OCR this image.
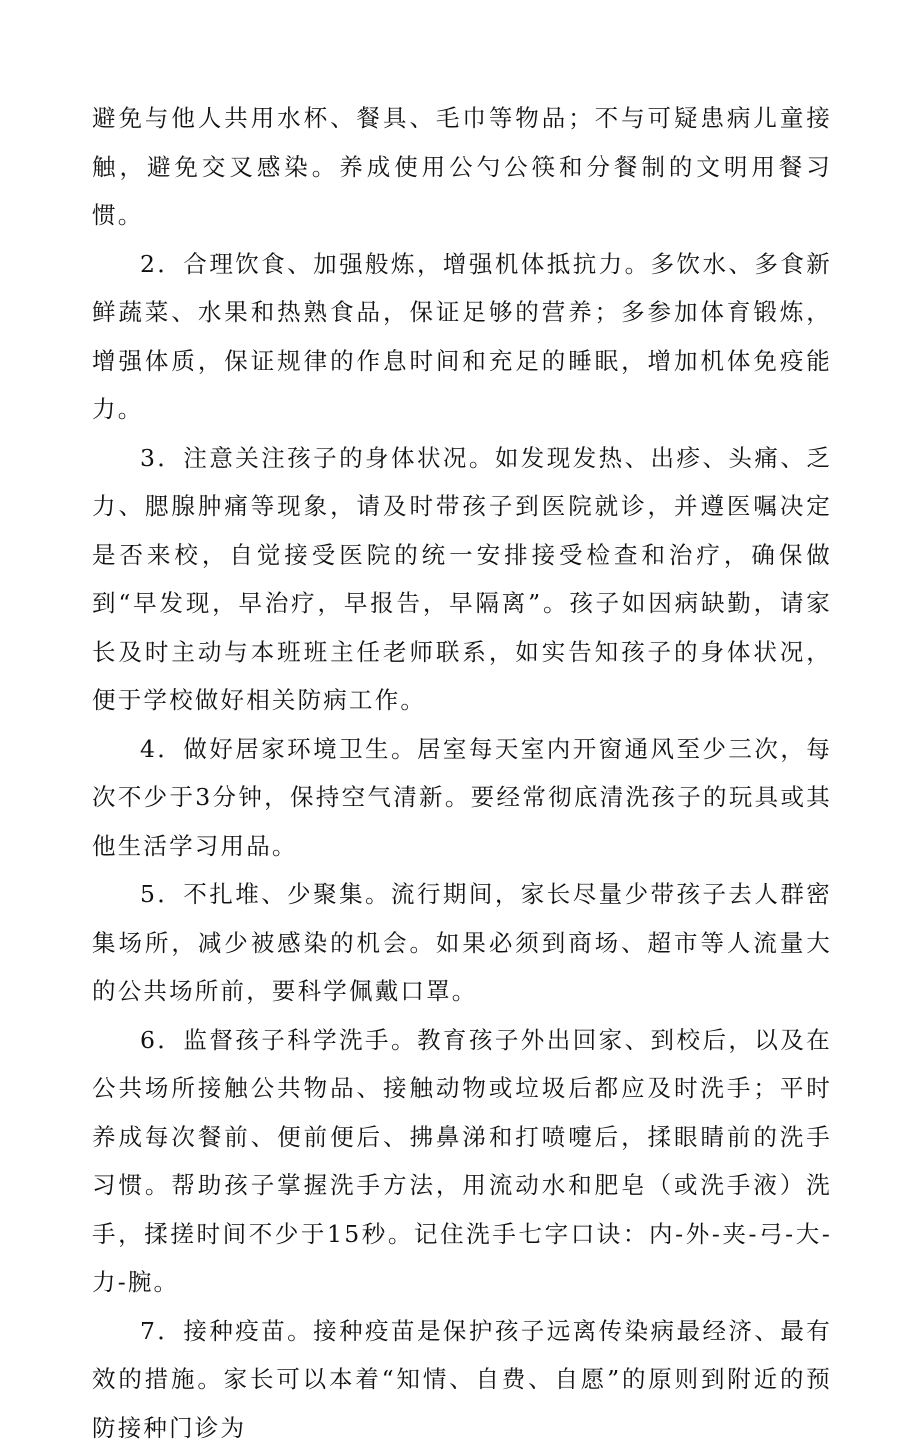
避免与他人共用水杯、餐具、毛巾等物品；不与可疑患病儿童接触，避免交叉感染。养成使用公勺公筷和分餐制的文明用餐习惯。

2．合理饮食、加强般炼，增强机体抵抗力。多饮水、多食新鲜蔬菜、水果和热熟食品，保证足够的营养；多参加体育锻炼，增强体质，保证规律的作息时间和充足的睡眠，增加机体免疫能力。

3．注意关注孩子的身体状况。如发现发热、出疹、头痛、乏力、腮腺肿痛等现象，请及时带孩子到医院就诊，并遵医嘱决定是否来校，自觉接受医院的统一安排接受检查和治疗，确保做到“早发现，早治疗，早报告，早隔离”。孩子如因病缺勤，请家长及时主动与本班班主任老师联系，如实告知孩子的身体状况，便于学校做好相关防病工作。

4．做好居家环境卫生。居室每天室内开窗通风至少三次，每次不少于3分钟，保持空气清新。要经常彻底清洗孩子的玩具或其他生活学习用品。

5．不扎堆、少聚集。流行期间，家长尽量少带孩子去人群密集场所，减少被感染的机会。如果必须到商场、超市等人流量大的公共场所前，要科学佩戴口罩。

6．监督孩子科学洗手。教育孩子外出回家、到校后，以及在公共场所接触公共物品、接触动物或垃圾后都应及时洗手；平时养成每次餐前、便前便后、拂鼻涕和打喷嚏后，揉眼睛前的洗手习惯。帮助孩子掌握洗手方法，用流动水和肥皂（或洗手液）洗手，揉搓时间不少于15秒。记住洗手七字口诀：内-外-夹-弓-大-力-腕。

7．接种疫苗。接种疫苗是保护孩子远离传染病最经济、最有效的措施。家长可以本着“知情、自费、自愿”的原则到附近的预防接种门诊为
